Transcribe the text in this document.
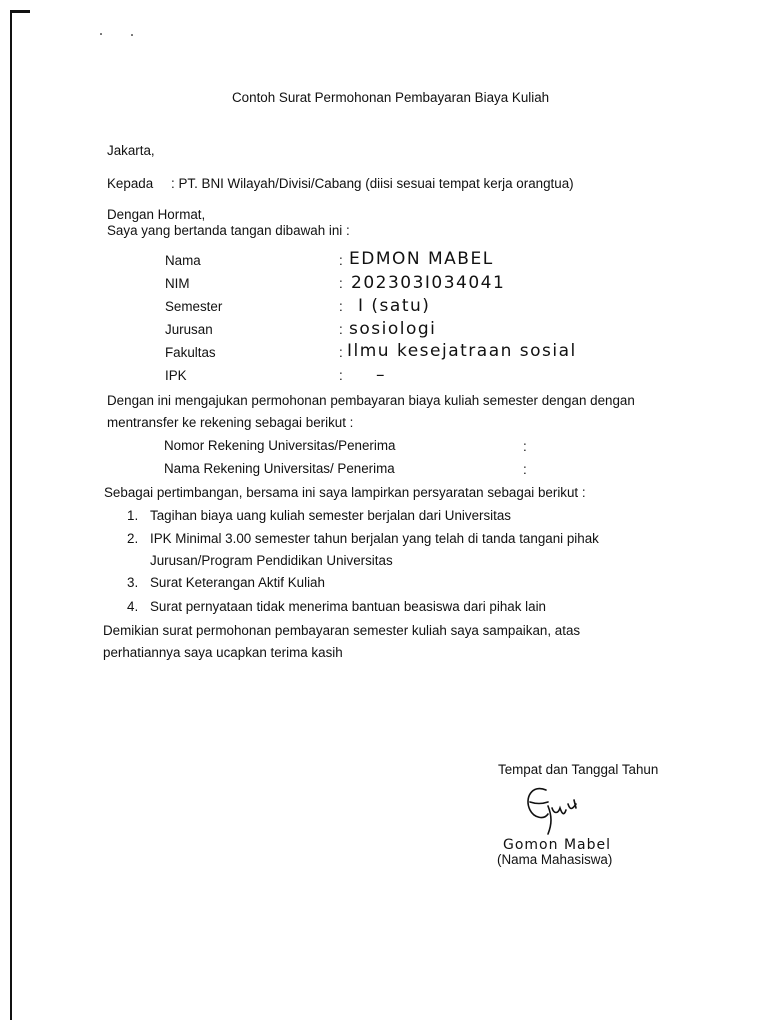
Contoh Surat Permohonan Pembayaran Biaya Kuliah
Jakarta,
Kepada : PT. BNI Wilayah/Divisi/Cabang (diisi sesuai tempat kerja orangtua)
Dengan Hormat,
Saya yang bertanda tangan dibawah ini :
Nama	: EDMON MABEL
NIM	: 202303I034041
Semester	: I (satu)
Jurusan	: sosiologi
Fakultas	: Ilmu kesejatraan sosial
IPK	: –
Dengan ini mengajukan permohonan pembayaran biaya kuliah semester dengan dengan
mentransfer ke rekening sebagai berikut :
Nomor Rekening Universitas/Penerima	:
Nama Rekening Universitas/ Penerima	:
Sebagai pertimbangan, bersama ini saya lampirkan persyaratan sebagai berikut :
1. Tagihan biaya uang kuliah semester berjalan dari Universitas
2. IPK Minimal 3.00 semester tahun berjalan yang telah di tanda tangani pihak
Jurusan/Program Pendidikan Universitas
3. Surat Keterangan Aktif Kuliah
4. Surat pernyataan tidak menerima bantuan beasiswa dari pihak lain
Demikian surat permohonan pembayaran semester kuliah saya sampaikan, atas
perhatiannya saya ucapkan terima kasih
Tempat dan Tanggal Tahun
Gomon Mabel
(Nama Mahasiswa)
